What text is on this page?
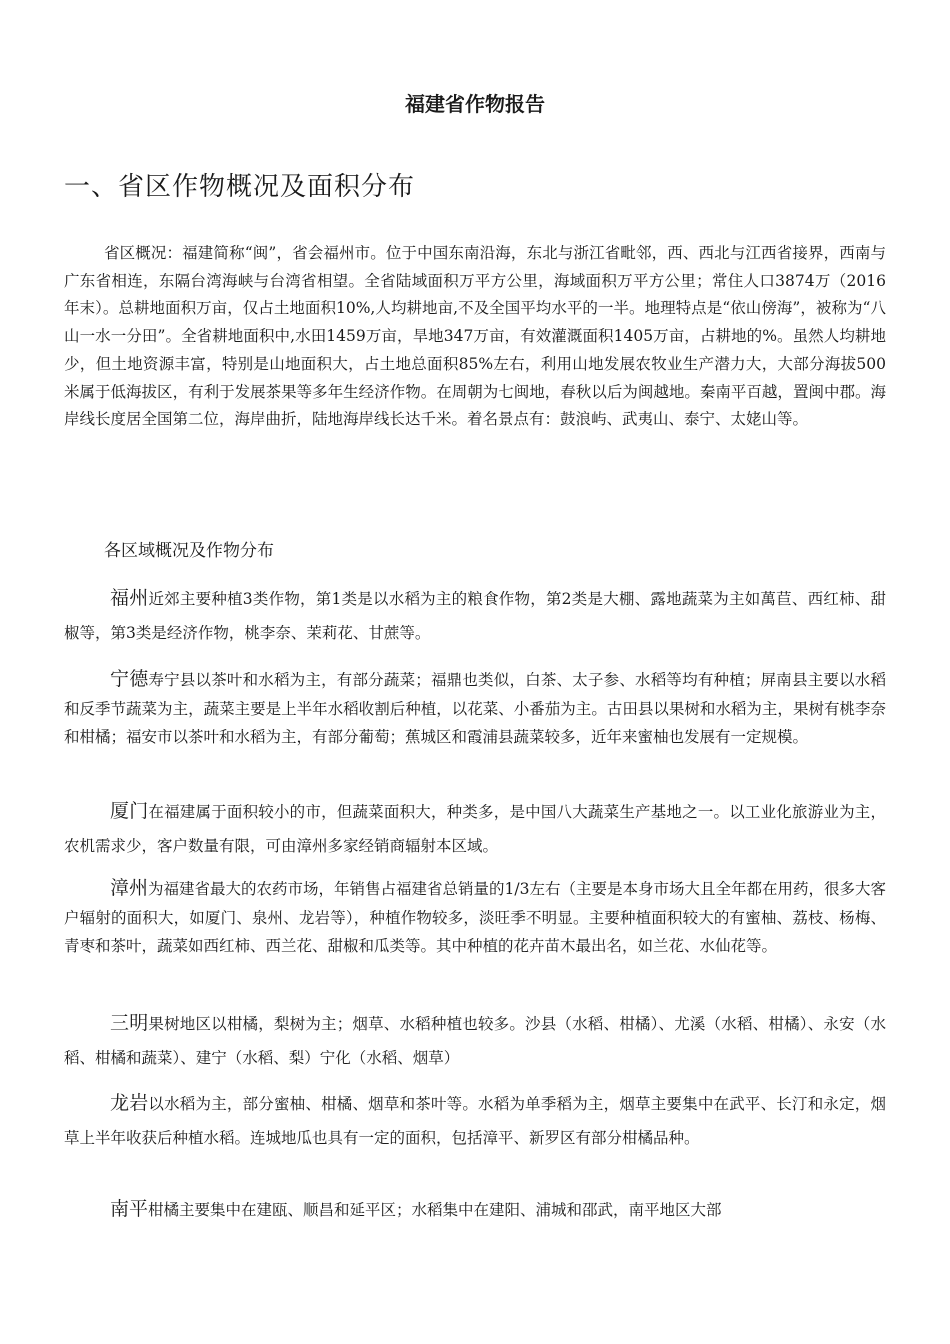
福建省作物报告
一、省区作物概况及面积分布

省区概况：福建简称“闽”，省会福州市。位于中国东南沿海，东北与浙江省毗邻，西、西北与江西省接界，西南与广东省相连，东隔台湾海峡与台湾省相望。全省陆域面积万平方公里，海域面积万平方公里；常住人口3874万（2016年末）。总耕地面积万亩，仅占土地面积10%,人均耕地亩,不及全国平均水平的一半。地理特点是“依山傍海”，被称为“八山一水一分田”。全省耕地面积中,水田1459万亩，旱地347万亩，有效灌溉面积1405万亩，占耕地的%。虽然人均耕地少，但土地资源丰富，特别是山地面积大，占土地总面积85%左右，利用山地发展农牧业生产潜力大，大部分海拔500米属于低海拔区，有利于发展茶果等多年生经济作物。在周朝为七闽地，春秋以后为闽越地。秦南平百越，置闽中郡。海岸线长度居全国第二位，海岸曲折，陆地海岸线长达千米。着名景点有：鼓浪屿、武夷山、泰宁、太姥山等。

各区域概况及作物分布

福州近郊主要种植3类作物，第1类是以水稻为主的粮食作物，第2类是大棚、露地蔬菜为主如萬苣、西红柿、甜椒等，第3类是经济作物，桃李奈、茉莉花、甘蔗等。

宁德寿宁县以茶叶和水稻为主，有部分蔬菜；福鼎也类似，白茶、太子参、水稻等均有种植；屏南县主要以水稻和反季节蔬菜为主，蔬菜主要是上半年水稻收割后种植，以花菜、小番茄为主。古田县以果树和水稻为主，果树有桃李奈和柑橘；福安市以茶叶和水稻为主，有部分葡萄；蕉城区和霞浦县蔬菜较多，近年来蜜柚也发展有一定规模。

厦门在福建属于面积较小的市，但蔬菜面积大，种类多，是中国八大蔬菜生产基地之一。以工业化旅游业为主，农机需求少，客户数量有限，可由漳州多家经销商辐射本区域。

漳州为福建省最大的农药市场，年销售占福建省总销量的1/3左右（主要是本身市场大且全年都在用药，很多大客户辐射的面积大，如厦门、泉州、龙岩等），种植作物较多，淡旺季不明显。主要种植面积较大的有蜜柚、荔枝、杨梅、青枣和茶叶，蔬菜如西红柿、西兰花、甜椒和瓜类等。其中种植的花卉苗木最出名，如兰花、水仙花等。

三明果树地区以柑橘，梨树为主；烟草、水稻种植也较多。沙县（水稻、柑橘）、尤溪（水稻、柑橘）、永安（水稻、柑橘和蔬菜）、建宁（水稻、梨）宁化（水稻、烟草）

龙岩以水稻为主，部分蜜柚、柑橘、烟草和茶叶等。水稻为单季稻为主，烟草主要集中在武平、长汀和永定，烟草上半年收获后种植水稻。连城地瓜也具有一定的面积，包括漳平、新罗区有部分柑橘品种。

南平柑橘主要集中在建瓯、顺昌和延平区；水稻集中在建阳、浦城和邵武，南平地区大部
